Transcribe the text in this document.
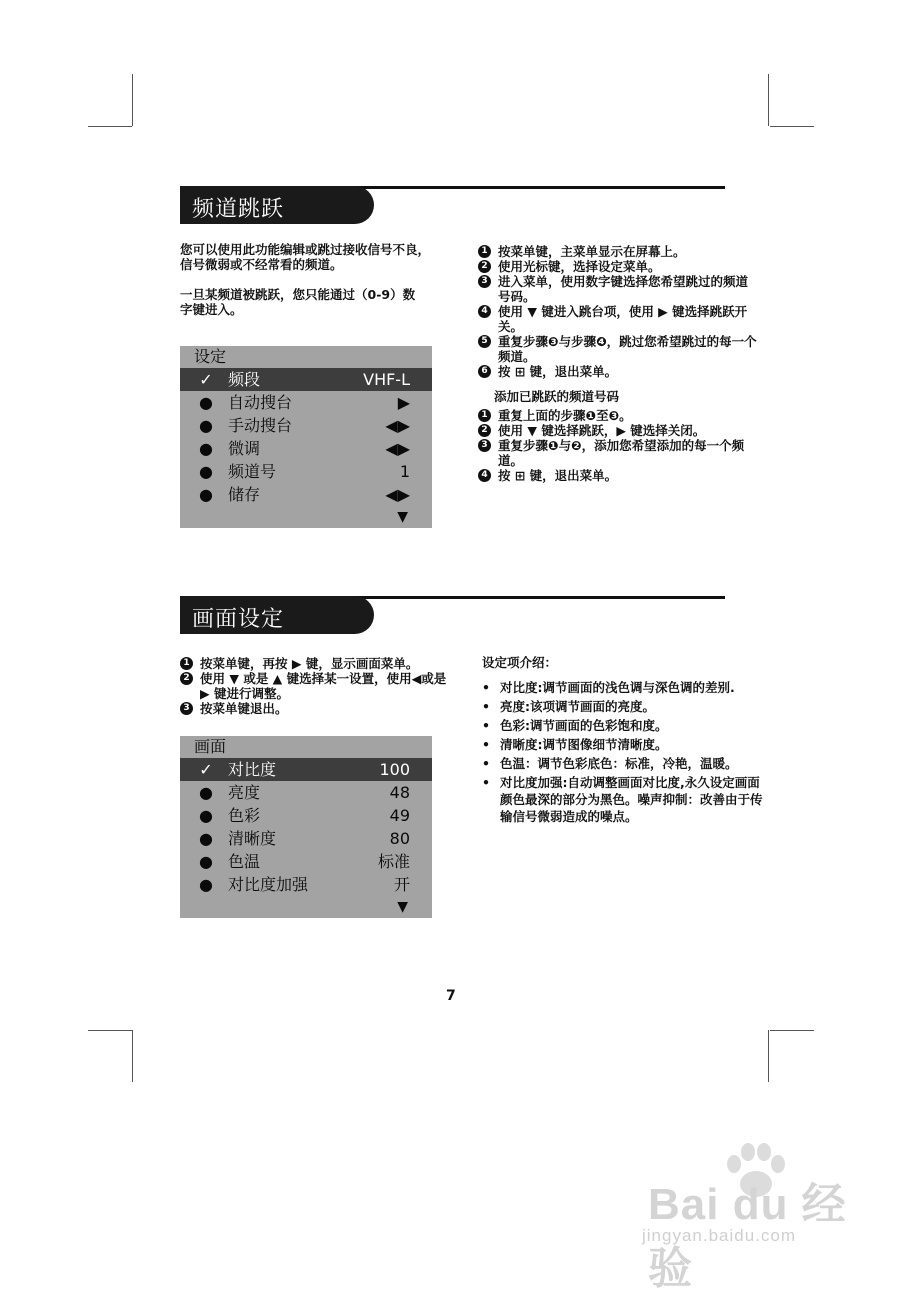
频道跳跃

您可以使用此功能编辑或跳过接收信号不良，

信号微弱或不经常看的频道。

一旦某频道被跳跃，您只能通过（0-9）数

字键进入。

1 按菜单键，主菜单显示在屏幕上。
2 使用光标键，选择设定菜单。
3 进入菜单，使用数字键选择您希望跳过的频道号码。
4 使用 ▼ 键进入跳台项，使用 ▶ 键选择跳跃开关。
5 重复步骤❸与步骤❹，跳过您希望跳过的每一个频道。
6 按 ⊞ 键，退出菜单。
添加已跳跃的频道号码
1 重复上面的步骤❶至❸。
2 使用 ▼ 键选择跳跃，▶ 键选择关闭。
3 重复步骤❶与❷，添加您希望添加的每一个频道。
4 按 ⊞ 键，退出菜单。
设定
✓ 频段	VHF-L
● 自动搜台	▶
● 手动搜台	◀▶
● 微调	◀▶
● 频道号	1
● 储存	◀▶
▼
画面设定
1 按菜单键，再按 ▶ 键，显示画面菜单。
2 使用 ▼ 或是 ▲ 键选择某一设置，使用◀或是 ▶ 键进行调整。
3 按菜单键退出。
画面
✓ 对比度	100
● 亮度	48
● 色彩	49
● 清晰度	80
● 色温	标准
● 对比度加强	开
▼

设定项介绍：

• 对比度:调节画面的浅色调与深色调的差别.
• 亮度:该项调节画面的亮度。
• 色彩:调节画面的色彩饱和度。
• 清晰度:调节图像细节清晰度。
• 色温：调节色彩底色：标准，冷艳，温暖。
• 对比度加强:自动调整画面对比度,永久设定画面颜色最深的部分为黑色。噪声抑制：改善由于传输信号微弱造成的噪点。
7
Bai du 经验
jingyan.baidu.com
